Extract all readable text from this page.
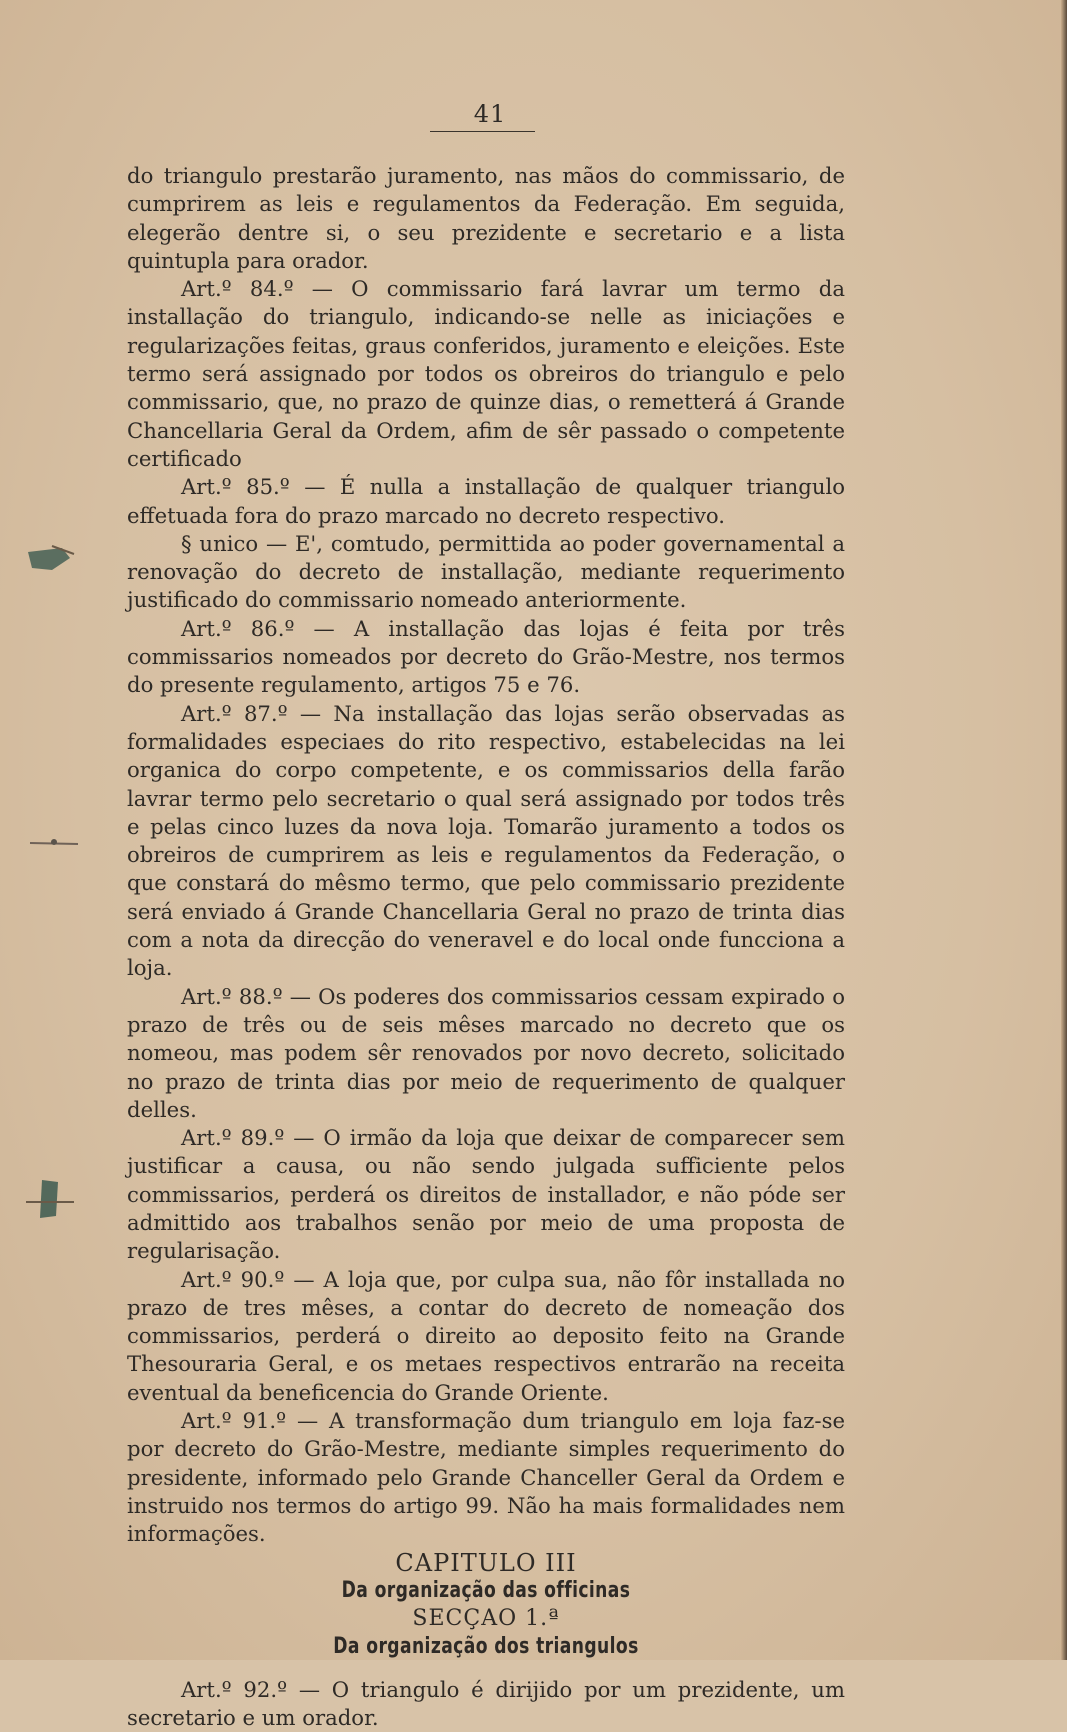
41

do triangulo prestarão juramento, nas mãos do commissario, de cumprirem as leis e regulamentos da Federação. Em seguida, elegerão dentre si, o seu prezidente e secretario e a lista quintupla para orador.

Art.º 84.º — O commissario fará lavrar um termo da installação do triangulo, indicando-se nelle as iniciações e regularizações feitas, graus conferidos, juramento e eleições. Este termo será assignado por todos os obreiros do triangulo e pelo commissario, que, no prazo de quinze dias, o remetterá á Grande Chancellaria Geral da Ordem, afim de sêr passado o competente certificado

Art.º 85.º — É nulla a installação de qualquer triangulo effetuada fora do prazo marcado no decreto respectivo.

§ unico — E', comtudo, permittida ao poder governamental a renovação do decreto de installação, mediante requerimento justificado do commissario nomeado anteriormente.

Art.º 86.º — A installação das lojas é feita por três commissarios nomeados por decreto do Grão-Mestre, nos termos do presente regulamento, artigos 75 e 76.

Art.º 87.º — Na installação das lojas serão observadas as formalidades especiaes do rito respectivo, estabelecidas na lei organica do corpo competente, e os commissarios della farão lavrar termo pelo secretario o qual será assignado por todos três e pelas cinco luzes da nova loja. Tomarão juramento a todos os obreiros de cumprirem as leis e regulamentos da Federação, o que constará do mêsmo termo, que pelo commissario prezidente será enviado á Grande Chancellaria Geral no prazo de trinta dias com a nota da direcção do veneravel e do local onde funcciona a loja.

Art.º 88.º — Os poderes dos commissarios cessam expirado o prazo de três ou de seis mêses marcado no decreto que os nomeou, mas podem sêr renovados por novo decreto, solicitado no prazo de trinta dias por meio de requerimento de qualquer delles.

Art.º 89.º — O irmão da loja que deixar de comparecer sem justificar a causa, ou não sendo julgada sufficiente pelos commissarios, perderá os direitos de installador, e não póde ser admittido aos trabalhos senão por meio de uma proposta de regularisação.

Art.º 90.º — A loja que, por culpa sua, não fôr installada no prazo de tres mêses, a contar do decreto de nomeação dos commissarios, perderá o direito ao deposito feito na Grande Thesouraria Geral, e os metaes respectivos entrarão na receita eventual da beneficencia do Grande Oriente.

Art.º 91.º — A transformação dum triangulo em loja faz-se por decreto do Grão-Mestre, mediante simples requerimento do presidente, informado pelo Grande Chanceller Geral da Ordem e instruido nos termos do artigo 99. Não ha mais formalidades nem informações.

CAPITULO III

Da organização das officinas

SECÇAO 1.ª

Da organização dos triangulos

Art.º 92.º — O triangulo é dirijido por um prezidente, um secretario e um orador.
